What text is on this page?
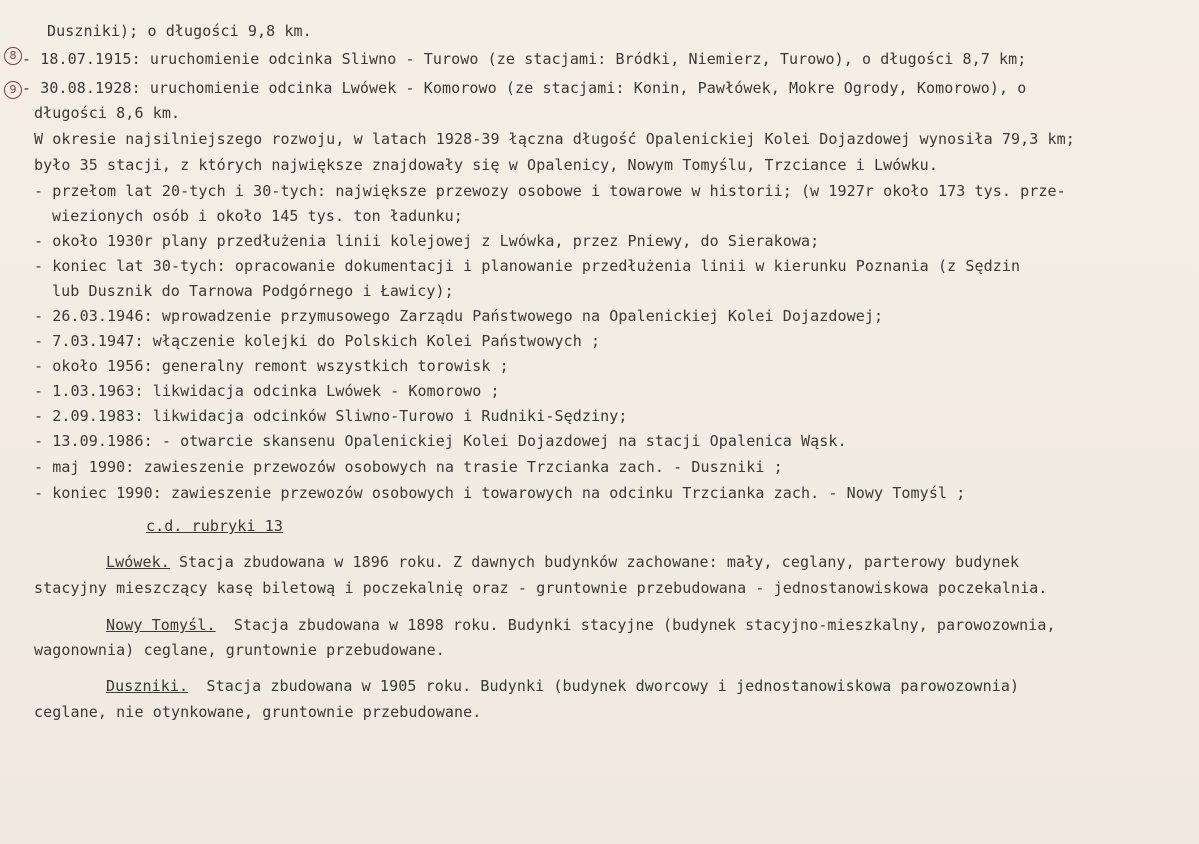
8
9
Duszniki); o długości 9,8 km.
- 18.07.1915: uruchomienie odcinka Sliwno - Turowo (ze stacjami: Bródki, Niemierz, Turowo), o długości 8,7 km;
- 30.08.1928: uruchomienie odcinka Lwówek - Komorowo (ze stacjami: Konin, Pawłówek, Mokre Ogrody, Komorowo), o
długości 8,6 km.
W okresie najsilniejszego rozwoju, w latach 1928-39 łączna długość Opalenickiej Kolei Dojazdowej wynosiła 79,3 km;
było 35 stacji, z których największe znajdowały się w Opalenicy, Nowym Tomyślu, Trzciance i Lwówku.
- przełom lat 20-tych i 30-tych: największe przewozy osobowe i towarowe w historii; (w 1927r około 173 tys. prze-
wiezionych osób i około 145 tys. ton ładunku;
- około 1930r plany przedłużenia linii kolejowej z Lwówka, przez Pniewy, do Sierakowa;
- koniec lat 30-tych: opracowanie dokumentacji i planowanie przedłużenia linii w kierunku Poznania (z Sędzin
lub Dusznik do Tarnowa Podgórnego i Ławicy);
- 26.03.1946: wprowadzenie przymusowego Zarządu Państwowego na Opalenickiej Kolei Dojazdowej;
- 7.03.1947: włączenie kolejki do Polskich Kolei Państwowych ;
- około 1956: generalny remont wszystkich torowisk ;
- 1.03.1963: likwidacja odcinka Lwówek - Komorowo ;
- 2.09.1983: likwidacja odcinków Sliwno-Turowo i Rudniki-Sędziny;
- 13.09.1986: - otwarcie skansenu Opalenickiej Kolei Dojazdowej na stacji Opalenica Wąsk.
- maj 1990: zawieszenie przewozów osobowych na trasie Trzcianka zach. - Duszniki ;
- koniec 1990: zawieszenie przewozów osobowych i towarowych na odcinku Trzcianka zach. - Nowy Tomyśl ;
c.d. rubryki 13
Lwówek. Stacja zbudowana w 1896 roku. Z dawnych budynków zachowane: mały, ceglany, parterowy budynek
stacyjny mieszczący kasę biletową i poczekalnię oraz - gruntownie przebudowana - jednostanowiskowa poczekalnia.
Nowy Tomyśl.  Stacja zbudowana w 1898 roku. Budynki stacyjne (budynek stacyjno-mieszkalny, parowozownia,
wagonownia) ceglane, gruntownie przebudowane.
Duszniki.  Stacja zbudowana w 1905 roku. Budynki (budynek dworcowy i jednostanowiskowa parowozownia)
ceglane, nie otynkowane, gruntownie przebudowane.
